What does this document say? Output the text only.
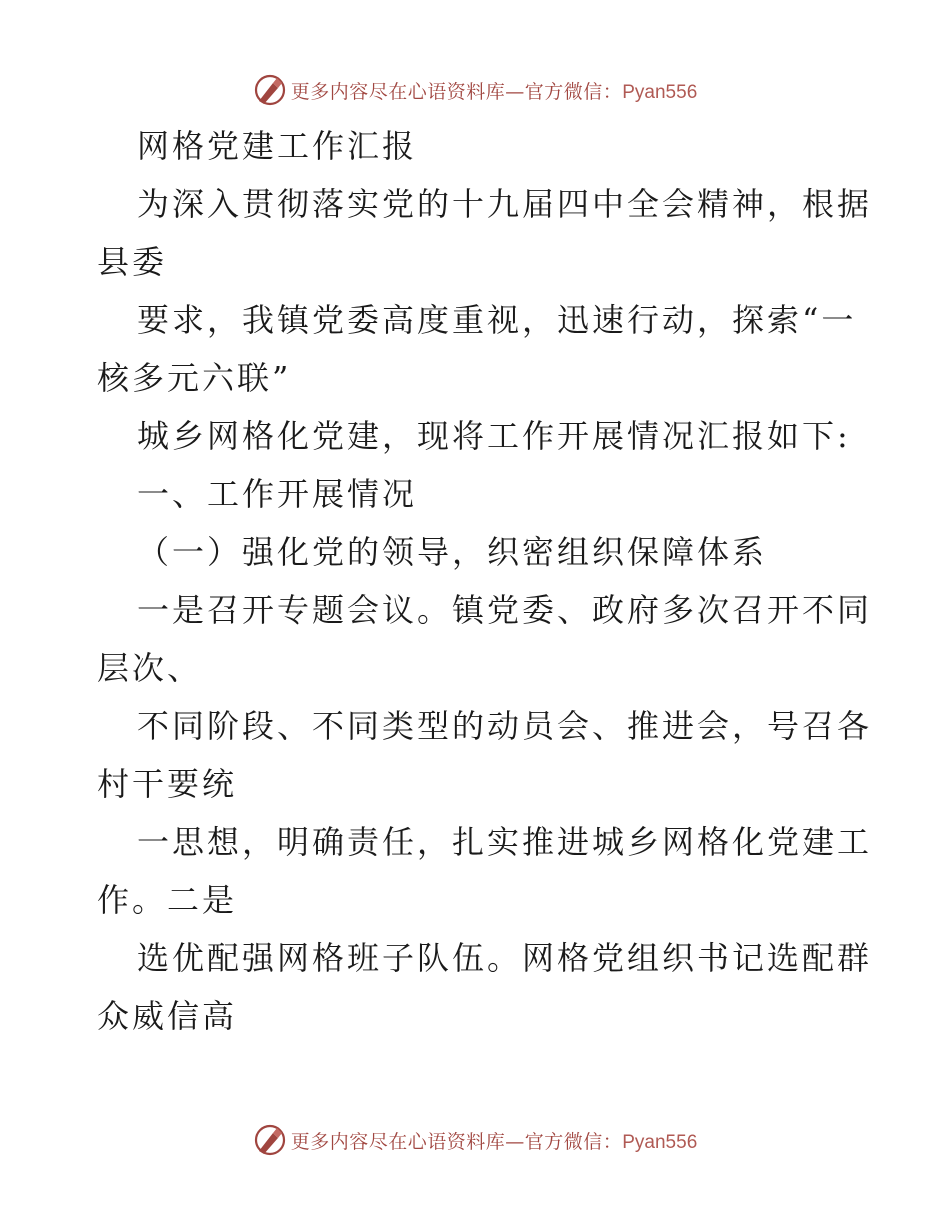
更多内容尽在心语资料库—官方微信：Pyan556
网格党建工作汇报
为深入贯彻落实党的十九届四中全会精神，根据
县委
要求，我镇党委高度重视，迅速行动，探索“一
核多元六联”
城乡网格化党建，现将工作开展情况汇报如下:
一、工作开展情况
（一）强化党的领导，织密组织保障体系
一是召开专题会议。镇党委、政府多次召开不同
层次、
不同阶段、不同类型的动员会、推进会，号召各
村干要统
一思想，明确责任，扎实推进城乡网格化党建工
作。二是
选优配强网格班子队伍。网格党组织书记选配群
众威信高
更多内容尽在心语资料库—官方微信：Pyan556
